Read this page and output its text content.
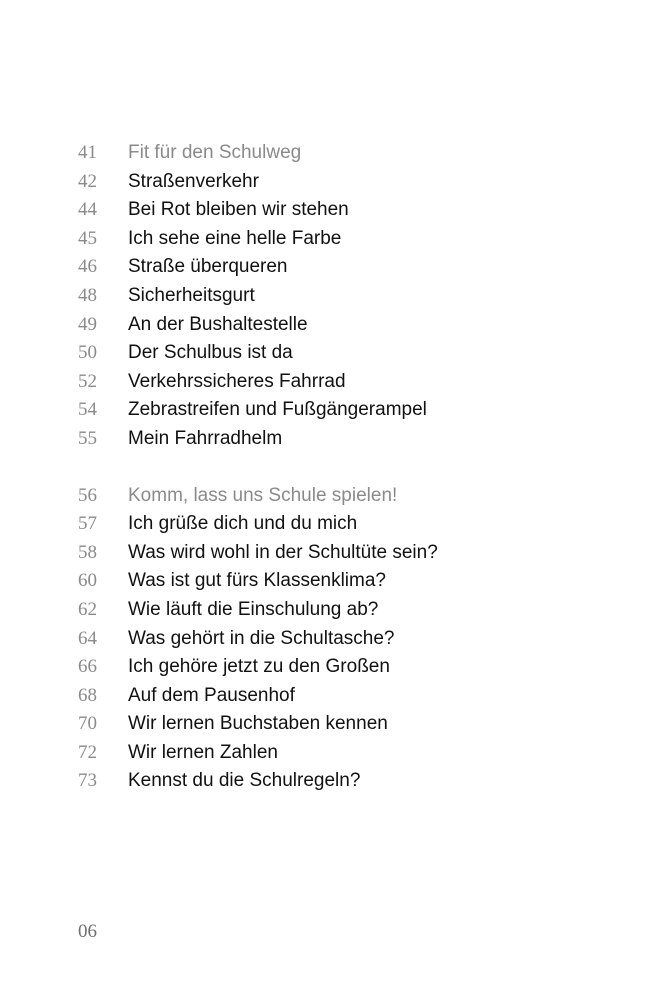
41	Fit für den Schulweg
42	Straßenverkehr
44	Bei Rot bleiben wir stehen
45	Ich sehe eine helle Farbe
46	Straße überqueren
48	Sicherheitsgurt
49	An der Bushaltestelle
50	Der Schulbus ist da
52	Verkehrssicheres Fahrrad
54	Zebrastreifen und Fußgängerampel
55	Mein Fahrradhelm
56	Komm, lass uns Schule spielen!
57	Ich grüße dich und du mich
58	Was wird wohl in der Schultüte sein?
60	Was ist gut fürs Klassenklima?
62	Wie läuft die Einschulung ab?
64	Was gehört in die Schultasche?
66	Ich gehöre jetzt zu den Großen
68	Auf dem Pausenhof
70	Wir lernen Buchstaben kennen
72	Wir lernen Zahlen
73	Kennst du die Schulregeln?
06
